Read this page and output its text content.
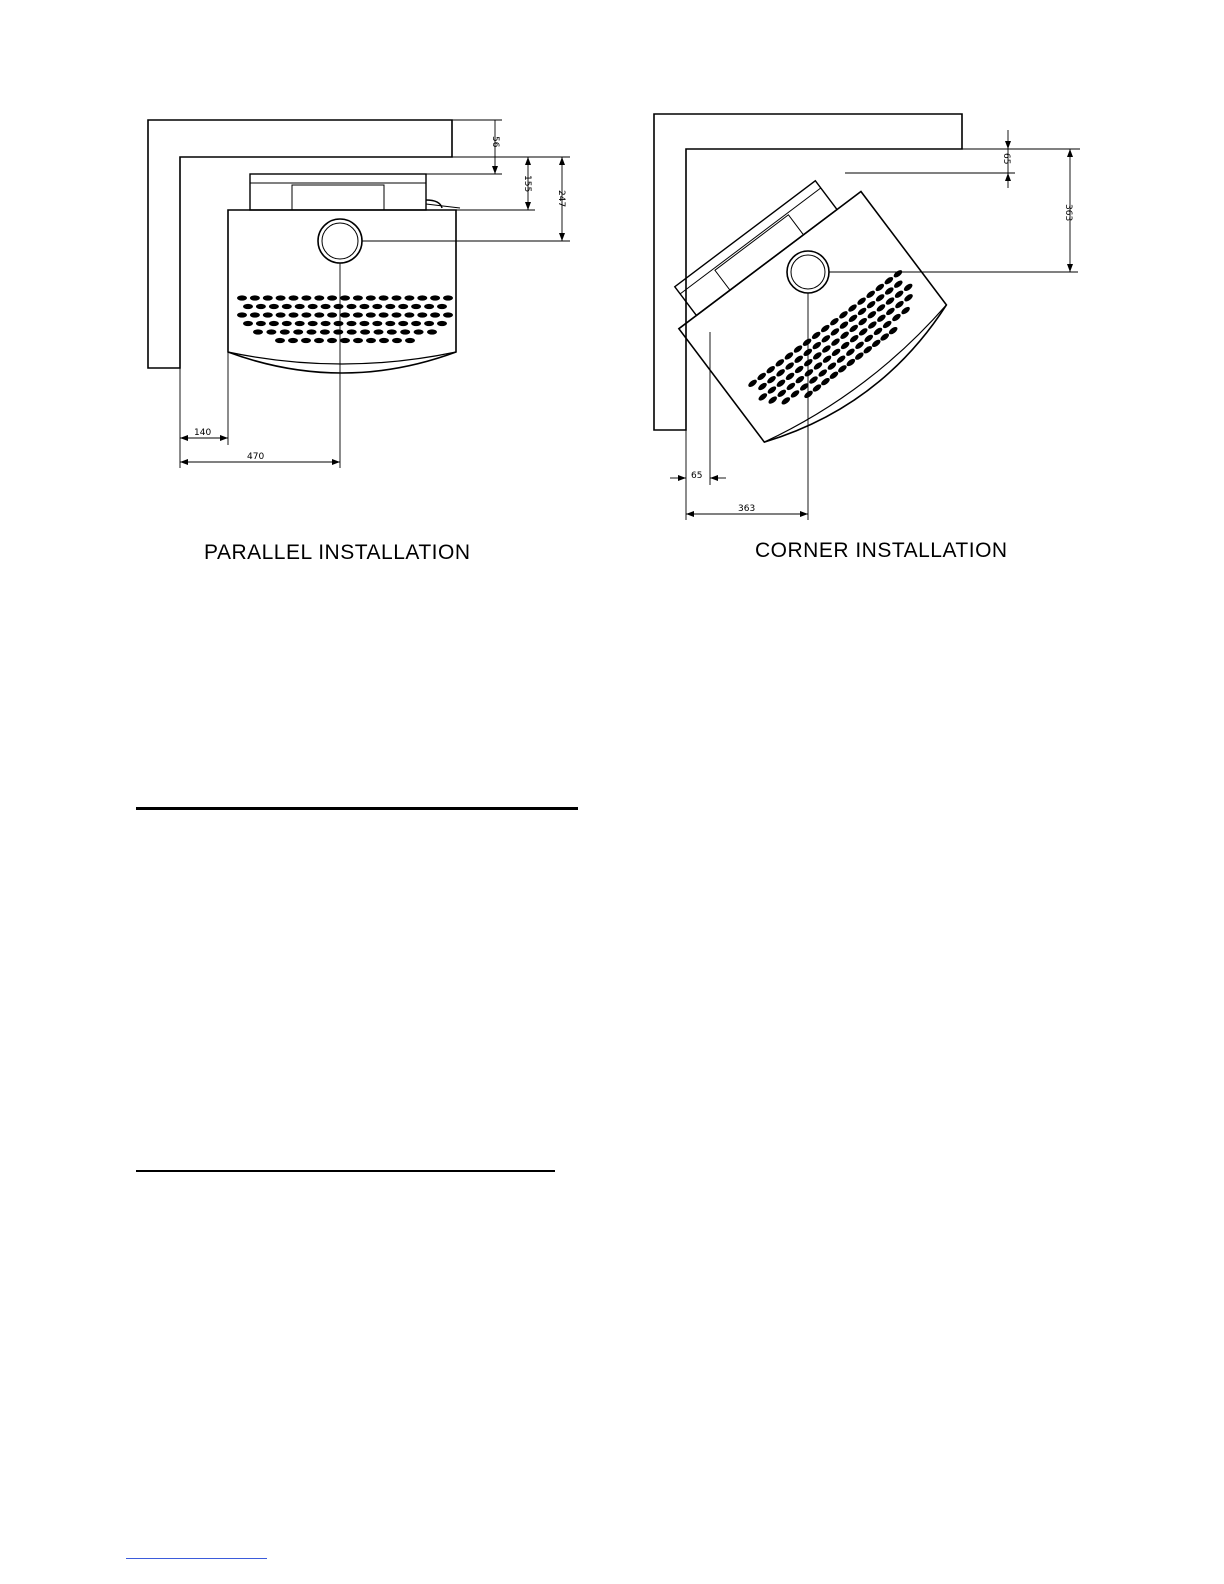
56
155
247
140
470
65
363
65
363
PARALLEL INSTALLATION	CORNER INSTALLATION
